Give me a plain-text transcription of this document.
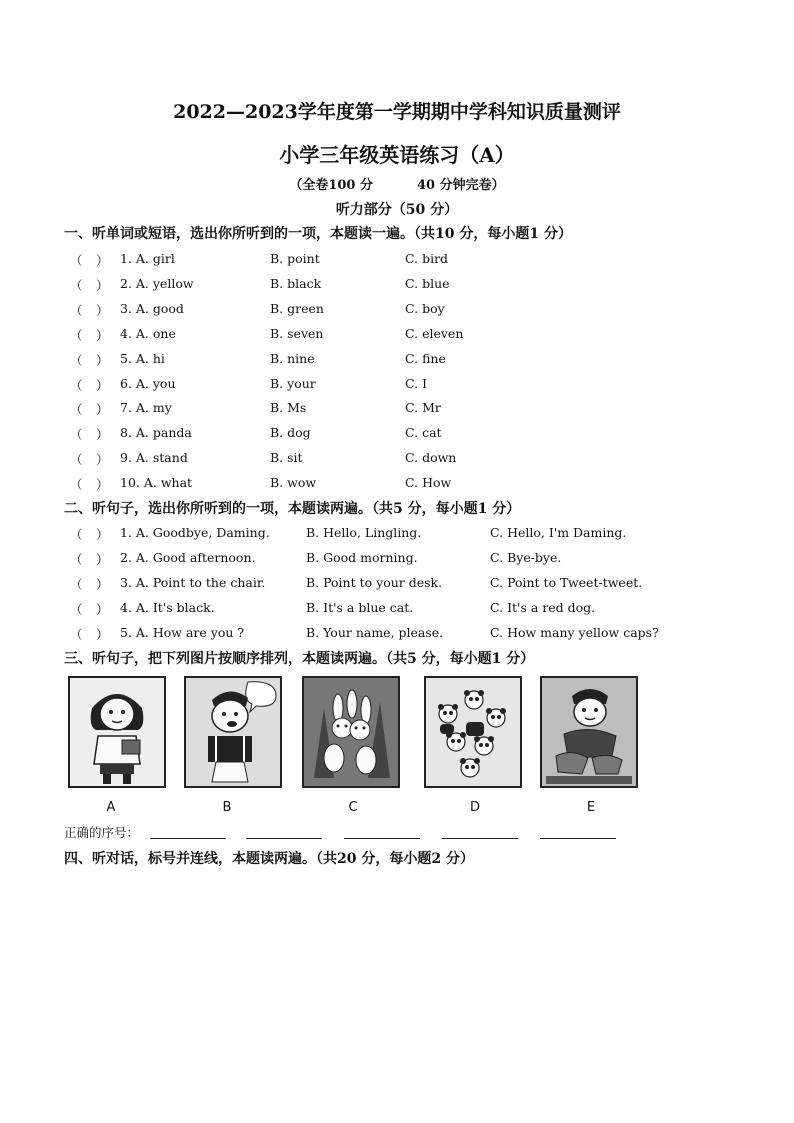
2022—2023学年度第一学期期中学科知识质量测评
小学三年级英语练习（A）
（全卷100 分	40 分钟完卷）
听力部分（50 分）
一、听单词或短语，选出你所听到的一项，本题读一遍。（共10 分，每小题1 分）
（ ） 1. A. girl	B. point	C. bird
（ ） 2. A. yellow	B. black	C. blue
（ ） 3. A. good	B. green	C. boy
（ ） 4. A. one	B. seven	C. eleven
（ ） 5. A. hi	B. nine	C. fine
（ ） 6. A. you	B. your	C. I
（ ） 7. A. my	B. Ms	C. Mr
（ ） 8. A. panda	B. dog	C. cat
（ ） 9. A. stand	B. sit	C. down
（ ） 10. A. what	B. wow	C. How
二、听句子，选出你所听到的一项，本题读两遍。（共5 分，每小题1 分）
（ ） 1. A. Goodbye, Daming.	B. Hello, Lingling.	C. Hello, I'm Daming.
（ ） 2. A. Good afternoon.	B. Good morning.	C. Bye-bye.
（ ） 3. A. Point to the chair.	B. Point to your desk.	C. Point to Tweet-tweet.
（ ） 4. A. It's black.	B. It's a blue cat.	C. It's a red dog.
（ ） 5. A. How are you ?	B. Your name, please.	C. How many yellow caps?
三、听句子，把下列图片按顺序排列，本题读两遍。（共5 分，每小题1 分）
A	B	C	D	E
正确的序号：
四、听对话，标号并连线，本题读两遍。（共20 分，每小题2 分）
